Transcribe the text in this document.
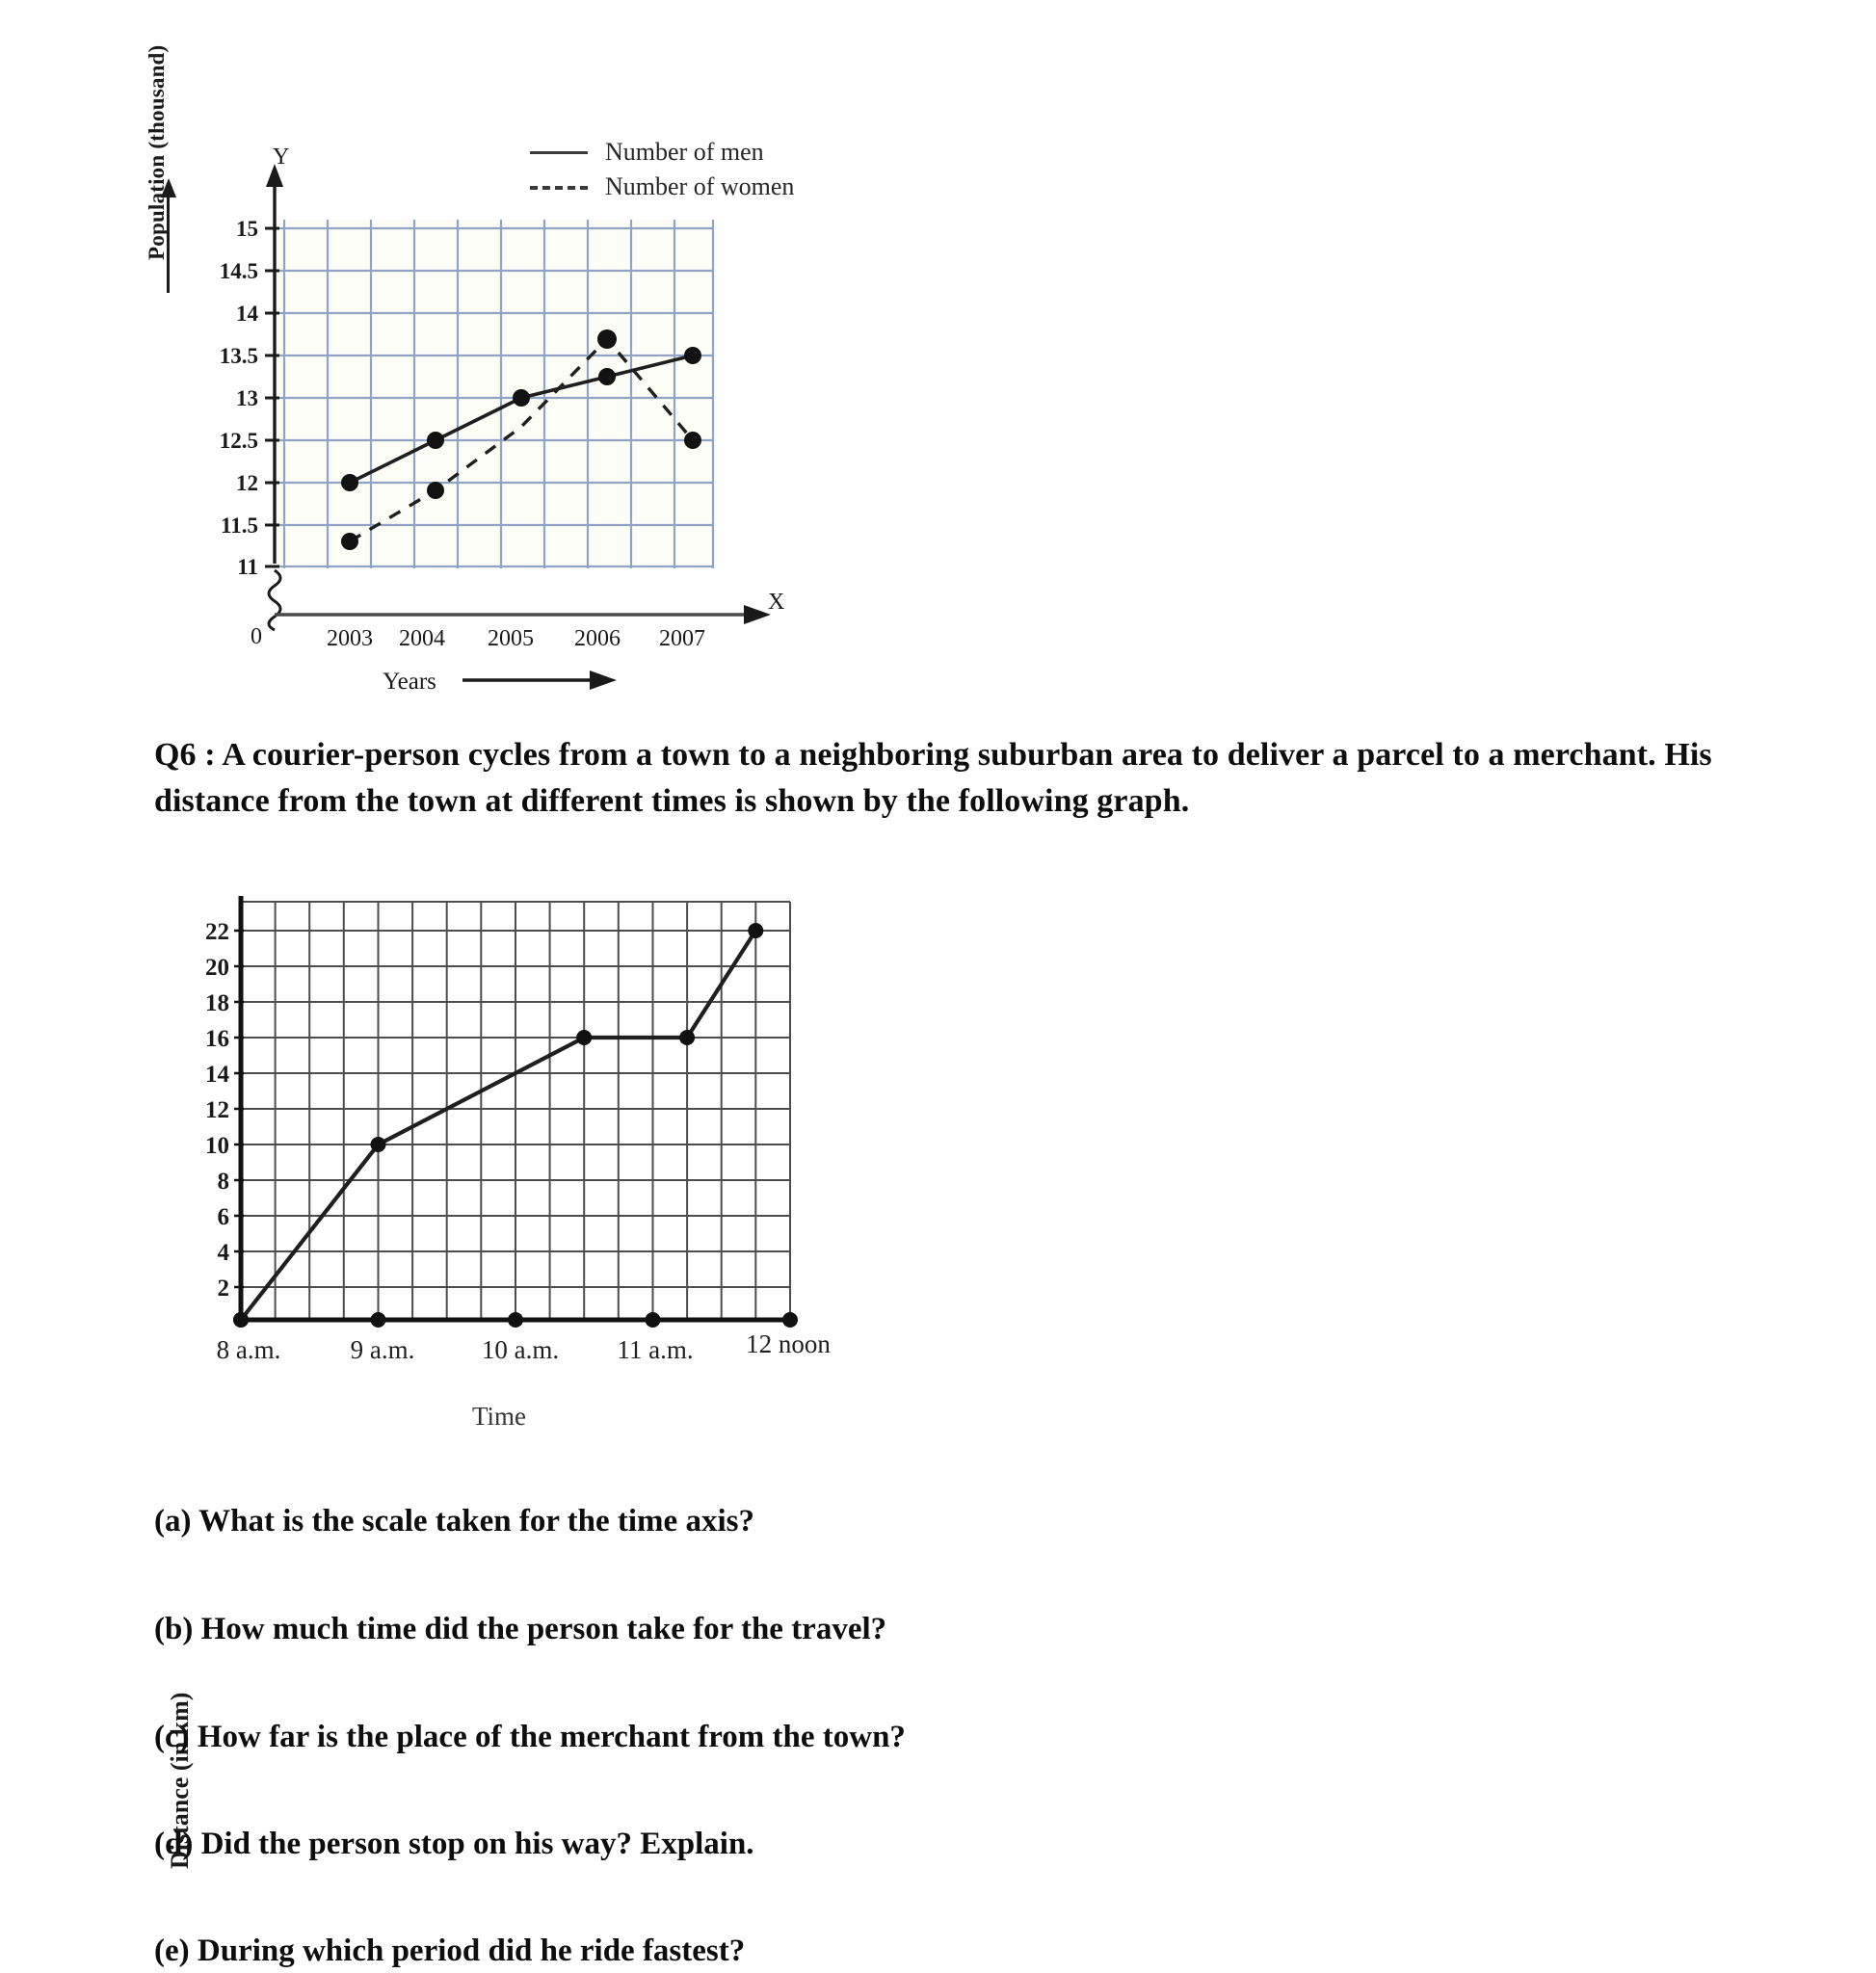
Population (thousand)	Y
X
11
11.5
12
12.5
13
13.5
14
14.5
15
0	2003 2004 2005 2006 2007
Years
Number of men
Number of women
Q6 : A courier-person cycles from a town to a neighboring suburban area to deliver a parcel to a merchant. His distance from the town at different times is shown by the following graph.
22
20
18
16
14
12
10
8
6
4
2
8 a.m.	9 a.m.	10 a.m. 11 a.m. 12 noon
Distance (in km)
Time
(a) What is the scale taken for the time axis?
(b) How much time did the person take for the travel?
(c) How far is the place of the merchant from the town?
(d) Did the person stop on his way? Explain.
(e) During which period did he ride fastest?
